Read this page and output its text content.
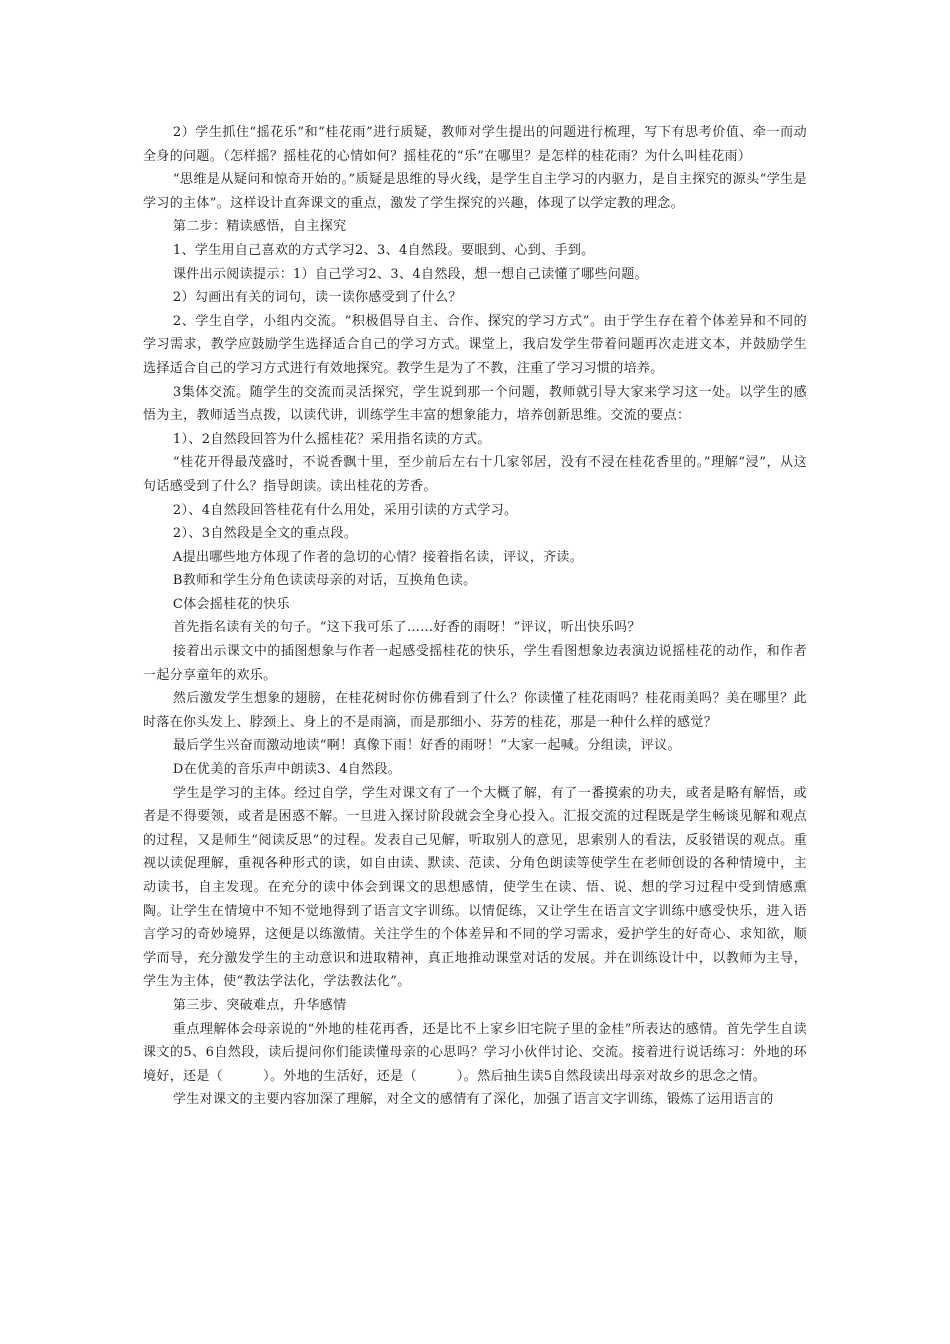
2）学生抓住“摇花乐”和“桂花雨”进行质疑，教师对学生提出的问题进行梳理，写下有思考价值、牵一而动全身的问题。（怎样摇？摇桂花的心情如何？摇桂花的“乐”在哪里？是怎样的桂花雨？为什么叫桂花雨）

“思维是从疑问和惊奇开始的。”质疑是思维的导火线，是学生自主学习的内驱力，是自主探究的源头“学生是学习的主体”。这样设计直奔课文的重点，激发了学生探究的兴趣，体现了以学定教的理念。

第二步：精读感悟，自主探究

1、学生用自己喜欢的方式学习2、3、4自然段。要眼到、心到、手到。

课件出示阅读提示：1）自己学习2、3、4自然段，想一想自己读懂了哪些问题。

2）勾画出有关的词句，读一读你感受到了什么？

2、学生自学，小组内交流。“积极倡导自主、合作、探究的学习方式”。由于学生存在着个体差异和不同的学习需求，教学应鼓励学生选择适合自己的学习方式。课堂上，我启发学生带着问题再次走进文本，并鼓励学生选择适合自己的学习方式进行有效地探究。教学生是为了不教，注重了学习习惯的培养。

3集体交流。随学生的交流而灵活探究，学生说到那一个问题，教师就引导大家来学习这一处。以学生的感悟为主，教师适当点拨，以读代讲，训练学生丰富的想象能力，培养创新思维。交流的要点：

1）、2自然段回答为什么摇桂花？采用指名读的方式。

“桂花开得最茂盛时，不说香飘十里，至少前后左右十几家邻居，没有不浸在桂花香里的。”理解“浸”，从这句话感受到了什么？指导朗读。读出桂花的芳香。

2）、4自然段回答桂花有什么用处，采用引读的方式学习。

2）、3自然段是全文的重点段。

A提出哪些地方体现了作者的急切的心情？接着指名读，评议，齐读。

B教师和学生分角色读读母亲的对话，互换角色读。

C体会摇桂花的快乐

首先指名读有关的句子。“这下我可乐了……好香的雨呀！”评议，听出快乐吗？

接着出示课文中的插图想象与作者一起感受摇桂花的快乐，学生看图想象边表演边说摇桂花的动作，和作者一起分享童年的欢乐。

然后激发学生想象的翅膀，在桂花树时你仿佛看到了什么？你读懂了桂花雨吗？桂花雨美吗？美在哪里？此时落在你头发上、脖颈上、身上的不是雨滴，而是那细小、芬芳的桂花，那是一种什么样的感觉？

最后学生兴奋而激动地读“啊！真像下雨！好香的雨呀！”大家一起喊。分组读，评议。

D在优美的音乐声中朗读3、4自然段。

学生是学习的主体。经过自学，学生对课文有了一个大概了解，有了一番摸索的功夫，或者是略有解悟，或者是不得要领，或者是困惑不解。一旦进入探讨阶段就会全身心投入。汇报交流的过程既是学生畅谈见解和观点的过程，又是师生“阅读反思”的过程。发表自己见解，听取别人的意见，思索别人的看法，反驳错误的观点。重视以读促理解，重视各种形式的读，如自由读、默读、范读、分角色朗读等使学生在老师创设的各种情境中，主动读书，自主发现。在充分的读中体会到课文的思想感情，使学生在读、悟、说、想的学习过程中受到情感熏陶。让学生在情境中不知不觉地得到了语言文字训练。以情促练，又让学生在语言文字训练中感受快乐，进入语言学习的奇妙境界，这便是以练激情。关注学生的个体差异和不同的学习需求，爱护学生的好奇心、求知欲，顺学而导，充分激发学生的主动意识和进取精神，真正地推动课堂对话的发展。并在训练设计中，以教师为主导，学生为主体，使“教法学法化，学法教法化”。

第三步、突破难点，升华感情

重点理解体会母亲说的“外地的桂花再香，还是比不上家乡旧宅院子里的金桂”所表达的感情。首先学生自读课文的5、6自然段，读后提问你们能读懂母亲的心思吗？学习小伙伴讨论、交流。接着进行说话练习：外地的环境好，还是（　　　）。外地的生活好，还是（　　　）。然后抽生读5自然段读出母亲对故乡的思念之情。

学生对课文的主要内容加深了理解，对全文的感情有了深化，加强了语言文字训练，锻炼了运用语言的
